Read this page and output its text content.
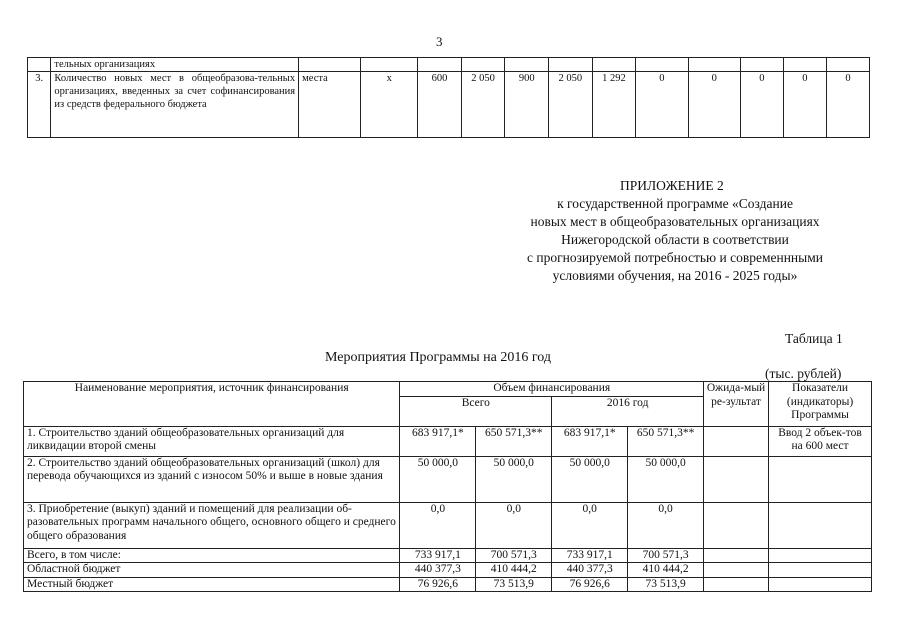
3
	тельных организациях												
3.	Количество новых мест в общеобразова-тельных организациях, введенных за счет софинансирования из средств федерального бюджета	места	х	600	2 050	900	2 050	1 292	0	0	0	0	0
ПРИЛОЖЕНИЕ 2
к государственной программе «Создание
новых мест в общеобразовательных организациях
Нижегородской области в соответствии
с прогнозируемой потребностью и современнными
условиями обучения, на 2016 - 2025 годы»
Таблица 1
Мероприятия Программы на 2016 год
(тыс. рублей)
Наименование мероприятия, источник финансирования	Объем финансирования				Ожида-мый ре-зультат	Показатели (индикаторы) Программы
	Всего		2016 год			
1. Строительство зданий общеобразовательных организаций для ликвидации второй смены	683 917,1*	650 571,3**	683 917,1*	650 571,3**		Ввод 2 объек-тов на 600 мест
2. Строительство зданий общеобразовательных организаций (школ) для перевода обучающихся из зданий с износом 50% и выше в новые здания	50 000,0	50 000,0	50 000,0	50 000,0		
3. Приобретение (выкуп) зданий и помещений для реализации об-разовательных программ начального общего, основного общего и среднего общего образования	0,0	0,0	0,0	0,0		
Всего, в том числе:	733 917,1	700 571,3	733 917,1	700 571,3		
Областной бюджет	440 377,3	410 444,2	440 377,3	410 444,2		
Местный бюджет	76 926,6	73 513,9	76 926,6	73 513,9		
